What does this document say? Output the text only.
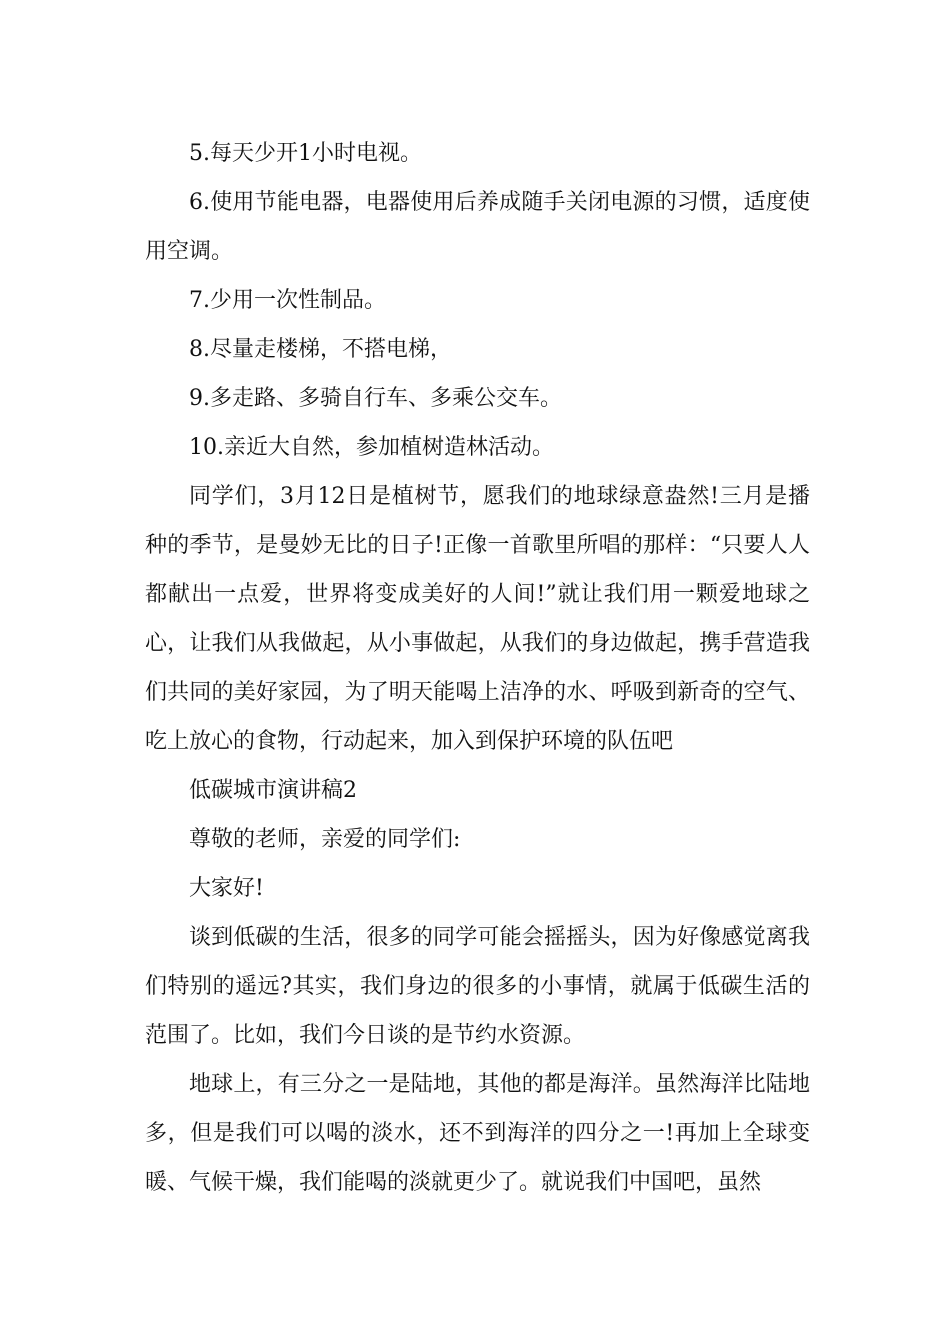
5.每天少开1小时电视。

6.使用节能电器，电器使用后养成随手关闭电源的习惯，适度使用空调。

7.少用一次性制品。

8.尽量走楼梯，不搭电梯，

9.多走路、多骑自行车、多乘公交车。

10.亲近大自然，参加植树造林活动。

同学们，3月12日是植树节，愿我们的地球绿意盎然!三月是播种的季节，是曼妙无比的日子!正像一首歌里所唱的那样：“只要人人都献出一点爱，世界将变成美好的人间!”就让我们用一颗爱地球之心，让我们从我做起，从小事做起，从我们的身边做起，携手营造我们共同的美好家园，为了明天能喝上洁净的水、呼吸到新奇的空气、吃上放心的食物，行动起来，加入到保护环境的队伍吧

低碳城市演讲稿2

尊敬的老师，亲爱的同学们:

大家好!

谈到低碳的生活，很多的同学可能会摇摇头，因为好像感觉离我们特别的遥远?其实，我们身边的很多的小事情，就属于低碳生活的范围了。比如，我们今日谈的是节约水资源。

地球上，有三分之一是陆地，其他的都是海洋。虽然海洋比陆地多，但是我们可以喝的淡水，还不到海洋的四分之一!再加上全球变暖、气候干燥，我们能喝的淡就更少了。就说我们中国吧，虽然
